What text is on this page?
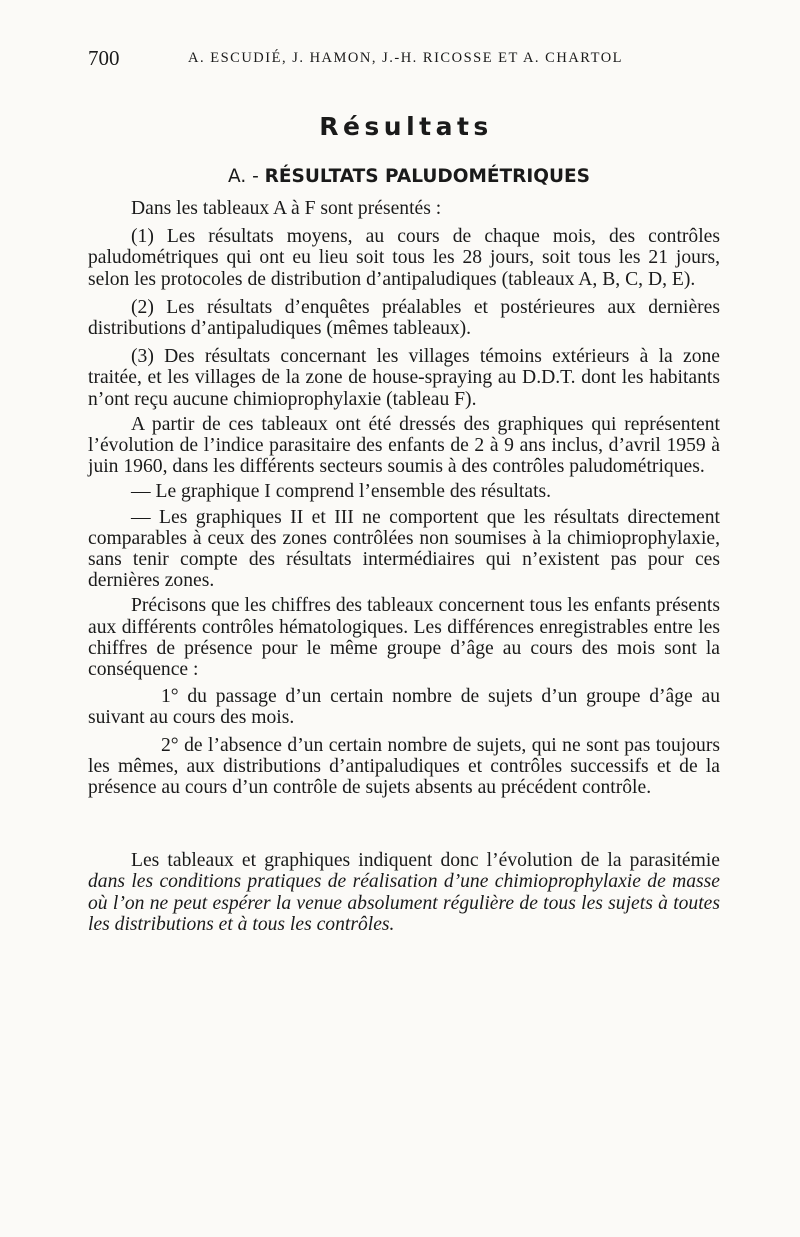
700	A. ESCUDIÉ, J. HAMON, J.-H. RICOSSE ET A. CHARTOL
Résultats
A. - RÉSULTATS PALUDOMÉTRIQUES

Dans les tableaux A à F sont présentés :

(1) Les résultats moyens, au cours de chaque mois, des contrôles paludométriques qui ont eu lieu soit tous les 28 jours, soit tous les 21 jours, selon les protocoles de distribution d’antipaludiques (tableaux A, B, C, D, E).

(2) Les résultats d’enquêtes préalables et postérieures aux dernières distributions d’antipaludiques (mêmes tableaux).

(3) Des résultats concernant les villages témoins extérieurs à la zone traitée, et les villages de la zone de house-spraying au D.D.T. dont les habitants n’ont reçu aucune chimioprophylaxie (tableau F).

A partir de ces tableaux ont été dressés des graphiques qui représentent l’évolution de l’indice parasitaire des enfants de 2 à 9 ans inclus, d’avril 1959 à juin 1960, dans les différents secteurs soumis à des contrôles paludométriques.

— Le graphique I comprend l’ensemble des résultats.

— Les graphiques II et III ne comportent que les résultats directement comparables à ceux des zones contrôlées non soumises à la chimioprophylaxie, sans tenir compte des résultats intermédiaires qui n’existent pas pour ces dernières zones.

Précisons que les chiffres des tableaux concernent tous les enfants présents aux différents contrôles hématologiques. Les différences enregistrables entre les chiffres de présence pour le même groupe d’âge au cours des mois sont la conséquence :

1° du passage d’un certain nombre de sujets d’un groupe d’âge au suivant au cours des mois.

2° de l’absence d’un certain nombre de sujets, qui ne sont pas toujours les mêmes, aux distributions d’antipaludiques et contrôles successifs et de la présence au cours d’un contrôle de sujets absents au précédent contrôle.

Les tableaux et graphiques indiquent donc l’évolution de la parasitémie dans les conditions pratiques de réalisation d’une chimioprophylaxie de masse où l’on ne peut espérer la venue absolument régulière de tous les sujets à toutes les distributions et à tous les contrôles.
